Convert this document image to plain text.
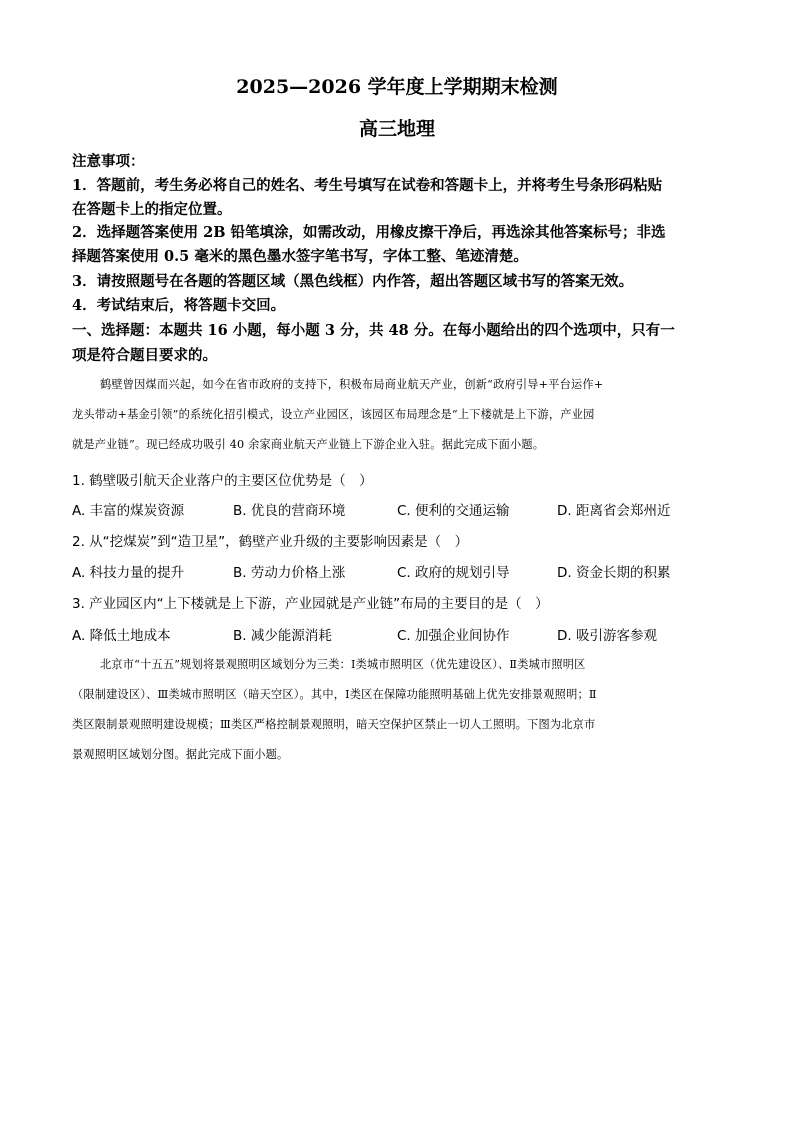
2025—2026 学年度上学期期末检测
高三地理
注意事项：
1．答题前，考生务必将自己的姓名、考生号填写在试卷和答题卡上，并将考生号条形码粘贴
在答题卡上的指定位置。
2．选择题答案使用 2B 铅笔填涂，如需改动，用橡皮擦干净后，再选涂其他答案标号；非选
择题答案使用 0.5 毫米的黑色墨水签字笔书写，字体工整、笔迹清楚。
3．请按照题号在各题的答题区域（黑色线框）内作答，超出答题区域书写的答案无效。
4．考试结束后，将答题卡交回。
一、选择题：本题共 16 小题，每小题 3 分，共 48 分。在每小题给出的四个选项中，只有一
项是符合题目要求的。
鹤壁曾因煤而兴起，如今在省市政府的支持下，积极布局商业航天产业，创新“政府引导+平台运作+
龙头带动+基金引领”的系统化招引模式，设立产业园区，该园区布局理念是“上下楼就是上下游，产业园
就是产业链”。现已经成功吸引 40 余家商业航天产业链上下游企业入驻。据此完成下面小题。
1. 鹤壁吸引航天企业落户的主要区位优势是（　）
A. 丰富的煤炭资源	B. 优良的营商环境	C. 便利的交通运输	D. 距离省会郑州近
2. 从“挖煤炭”到“造卫星”，鹤壁产业升级的主要影响因素是（　）
A. 科技力量的提升	B. 劳动力价格上涨	C. 政府的规划引导	D. 资金长期的积累
3. 产业园区内“上下楼就是上下游，产业园就是产业链”布局的主要目的是（　）
A. 降低土地成本	B. 减少能源消耗	C. 加强企业间协作	D. 吸引游客参观
北京市“十五五”规划将景观照明区域划分为三类：Ⅰ类城市照明区（优先建设区）、Ⅱ类城市照明区
（限制建设区）、Ⅲ类城市照明区（暗天空区）。其中，Ⅰ类区在保障功能照明基础上优先安排景观照明；Ⅱ
类区限制景观照明建设规模；Ⅲ类区严格控制景观照明，暗天空保护区禁止一切人工照明。下图为北京市
景观照明区域划分图。据此完成下面小题。
